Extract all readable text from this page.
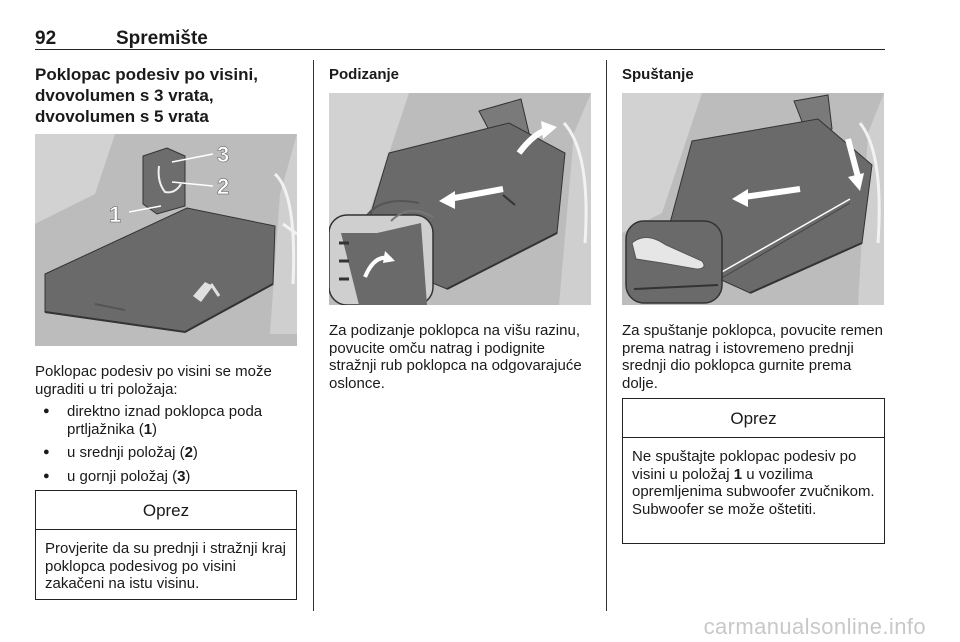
92	Spremište
Poklopac podesiv po visini, dvovolumen s 3 vrata, dvovolumen s 5 vrata
3
2
1
Poklopac podesiv po visini se može ugraditi u tri položaja:
● direktno iznad poklopca poda prtljažnika (1)
● u srednji položaj (2)
● u gornji položaj (3)
Oprez
Provjerite da su prednji i stražnji kraj poklopca podesivog po visini zakačeni na istu visinu.
Podizanje
Za podizanje poklopca na višu razinu, povucite omču natrag i podignite stražnji rub poklopca na odgovarajuće oslonce.
Spuštanje
Za spuštanje poklopca, povucite remen prema natrag i istovremeno prednji srednji dio poklopca gurnite prema dolje.
Oprez
Ne spuštajte poklopac podesiv po visini u položaj 1 u vozilima opremljenima subwoofer zvučnikom. Subwoofer se može oštetiti.
carmanualsonline.info
